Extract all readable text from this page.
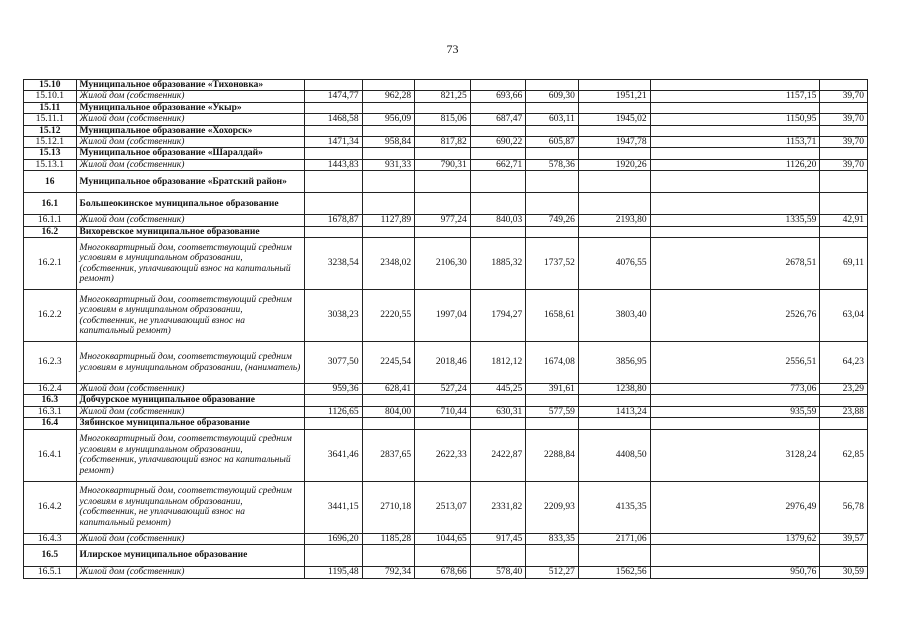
73
15.10	Муниципальное образование «Тихоновка»								
15.10.1	Жилой дом (собственник)	1474,77	962,28	821,25	693,66	609,30	1951,21	1157,15	39,70
15.11	Муниципальное образование «Укыр»								
15.11.1	Жилой дом (собственник)	1468,58	956,09	815,06	687,47	603,11	1945,02	1150,95	39,70
15.12	Муниципальное образование «Хохорск»								
15.12.1	Жилой дом (собственник)	1471,34	958,84	817,82	690,22	605,87	1947,78	1153,71	39,70
15.13	Муниципальное образование «Шаралдай»								
15.13.1	Жилой дом (собственник)	1443,83	931,33	790,31	662,71	578,36	1920,26	1126,20	39,70
16	Муниципальное образование «Братский район»								
16.1	Большеокинское муниципальное образование								
16.1.1	Жилой дом (собственник)	1678,87	1127,89	977,24	840,03	749,26	2193,80	1335,59	42,91
16.2	Вихоревское муниципальное образование								
16.2.1	Многоквартирный дом, соответствующий средним условиям в муниципальном образовании, (собственник, уплачивающий взнос на капитальный ремонт)	3238,54	2348,02	2106,30	1885,32	1737,52	4076,55	2678,51	69,11
16.2.2	Многоквартирный дом, соответствующий средним условиям в муниципальном образовании, (собственник, не уплачивающий взнос на капитальный ремонт)	3038,23	2220,55	1997,04	1794,27	1658,61	3803,40	2526,76	63,04
16.2.3	Многоквартирный дом, соответствующий средним условиям в муниципальном образовании, (наниматель)	3077,50	2245,54	2018,46	1812,12	1674,08	3856,95	2556,51	64,23
16.2.4	Жилой дом (собственник)	959,36	628,41	527,24	445,25	391,61	1238,80	773,06	23,29
16.3	Добчурское муниципальное образование								
16.3.1	Жилой дом (собственник)	1126,65	804,00	710,44	630,31	577,59	1413,24	935,59	23,88
16.4	Зябинское муниципальное образование								
16.4.1	Многоквартирный дом, соответствующий средним условиям в муниципальном образовании, (собственник, уплачивающий взнос на капитальный ремонт)	3641,46	2837,65	2622,33	2422,87	2288,84	4408,50	3128,24	62,85
16.4.2	Многоквартирный дом, соответствующий средним условиям в муниципальном образовании, (собственник, не уплачивающий взнос на капитальный ремонт)	3441,15	2710,18	2513,07	2331,82	2209,93	4135,35	2976,49	56,78
16.4.3	Жилой дом (собственник)	1696,20	1185,28	1044,65	917,45	833,35	2171,06	1379,62	39,57
16.5	Илирское муниципальное образование								
16.5.1	Жилой дом (собственник)	1195,48	792,34	678,66	578,40	512,27	1562,56	950,76	30,59
